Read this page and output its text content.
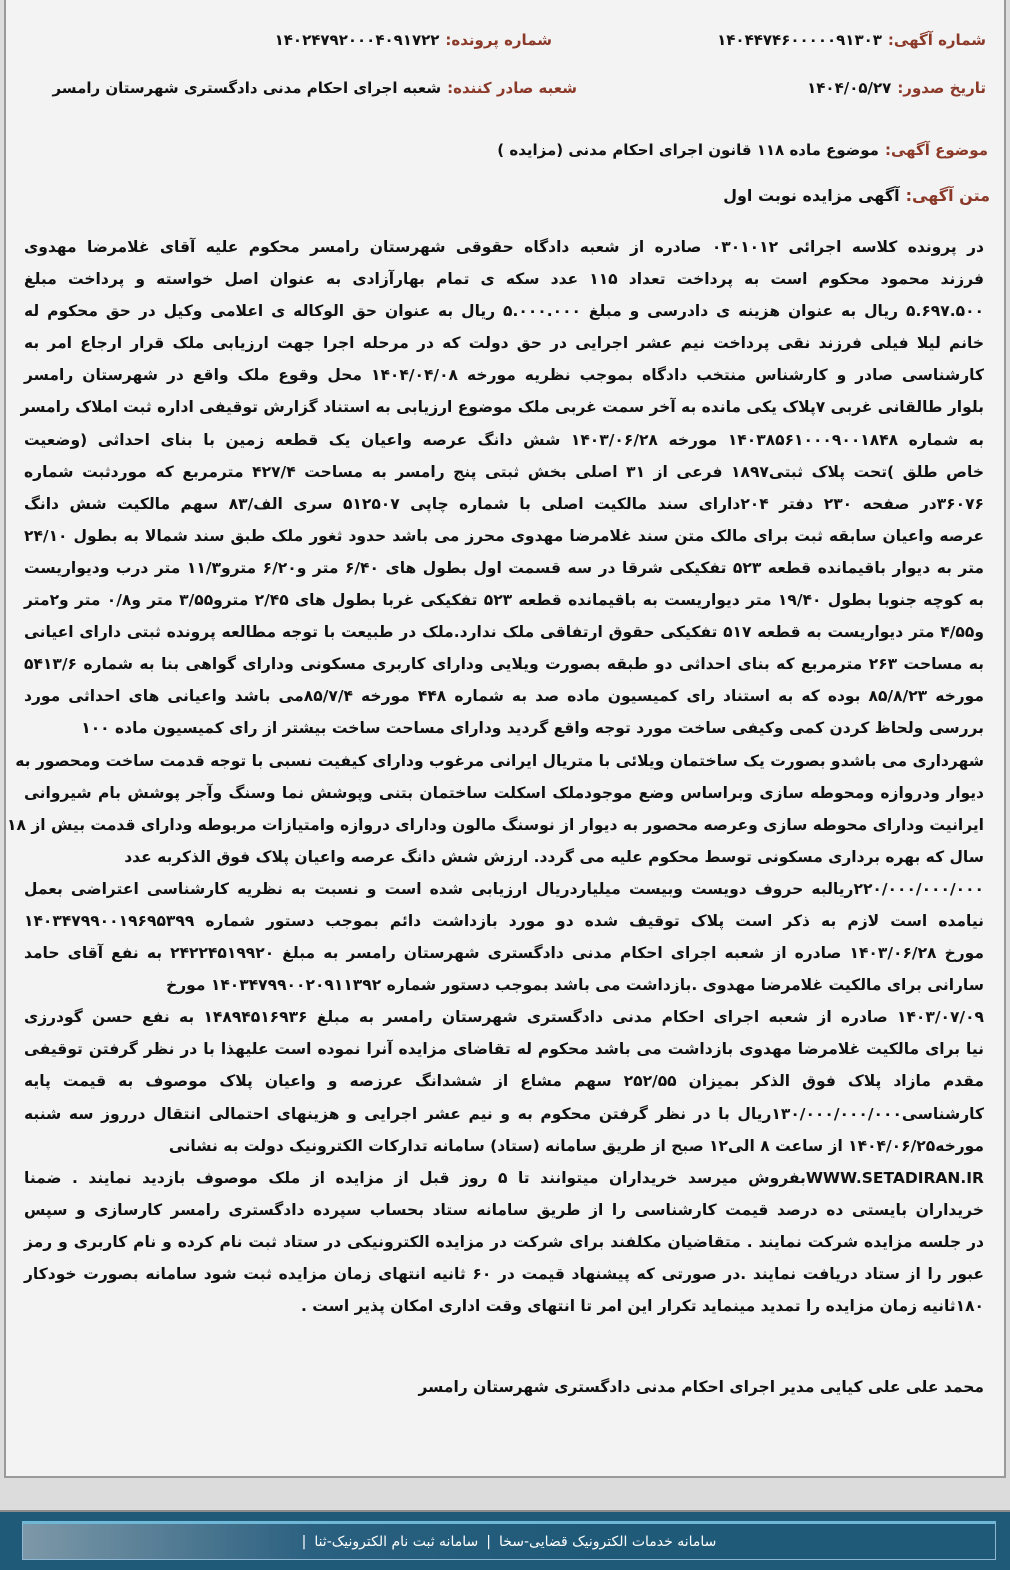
شماره آگهی:۱۴۰۴۴۷۴۶۰۰۰۰۰۹۱۳۰۳
شماره پرونده:۱۴۰۲۴۷۹۲۰۰۰۴۰۹۱۷۲۲
تاریخ صدور:۱۴۰۴/۰۵/۲۷
شعبه صادر کننده:شعبه اجرای احکام مدنی دادگستری شهرستان رامسر
موضوع آگهی:موضوع ماده ۱۱۸ قانون اجرای احکام مدنی (مزایده )
متن آگهی:آگهی مزایده نوبت اول
در پرونده کلاسه اجرائی ۰۳۰۱۰۱۲ صادره از شعبه دادگاه حقوقی شهرستان رامسر محکوم علیه آقای غلامرضا مهدوی
فرزند محمود محکوم است به پرداخت تعداد ۱۱۵ عدد سکه ی تمام بهارآزادی به عنوان اصل خواسته و پرداخت مبلغ
۵.۶۹۷.۵۰۰ ریال به عنوان هزینه ی دادرسی و مبلغ ۵.۰۰۰.۰۰۰ ریال به عنوان حق الوکاله ی اعلامی وکیل در حق محکوم له
خانم لیلا فیلی فرزند نقی پرداخت نیم عشر اجرایی در حق دولت که در مرحله اجرا جهت ارزیابی ملک قرار ارجاع امر به
کارشناسی صادر و کارشناس منتخب دادگاه بموجب نظریه مورخه ۱۴۰۴/۰۴/۰۸ محل وقوع ملک واقع در شهرستان رامسر
بلوار طالقانی غربی ۷پلاک یکی مانده به آخر سمت غربی ملک موضوع ارزیابی به استناد گزارش توقیفی اداره ثبت املاک رامسر
به شماره ۱۴۰۳۸۵۶۱۰۰۰۹۰۰۱۸۴۸ مورخه ۱۴۰۳/۰۶/۲۸ شش دانگ عرصه واعیان یک قطعه زمین با بنای احداثی (وضعیت
خاص طلق )تحت پلاک ثبتی۱۸۹۷ فرعی از ۳۱ اصلی بخش ثبتی پنج رامسر به مساحت ۴۲۷/۴ مترمربع که موردثبت شماره
۳۶۰۷۶در صفحه ۲۳۰ دفتر ۲۰۴دارای سند مالکیت اصلی با شماره چاپی ۵۱۲۵۰۷ سری الف/۸۳ سهم مالکیت شش دانگ
عرصه واعیان سابقه ثبت برای مالک متن سند غلامرضا مهدوی محرز می باشد حدود ثغور ملک طبق سند شمالا به بطول ۲۴/۱۰
متر به دیوار باقیمانده قطعه ۵۲۳ تفکیکی شرقا در سه قسمت اول بطول های ۶/۴۰ متر و۶/۲۰ مترو۱۱/۳ متر درب ودیواریست
به کوچه جنوبا بطول ۱۹/۴۰ متر دیواریست به باقیمانده قطعه ۵۲۳ تفکیکی غربا بطول های ۲/۴۵ مترو۳/۵۵ متر و۰/۸ متر و۲متر
و۴/۵۵ متر دیواریست به قطعه ۵۱۷ تفکیکی حقوق ارتفاقی ملک ندارد.ملک در طبیعت با توجه مطالعه پرونده ثبتی دارای اعیانی
به مساحت ۲۶۳ مترمربع که بنای احداثی دو طبقه بصورت ویلایی ودارای کاربری مسکونی ودارای گواهی بنا به شماره ۵۴۱۳/۶
مورخه ۸۵/۸/۲۳ بوده که به استناد رای کمیسیون ماده صد به شماره ۴۴۸ مورخه ۸۵/۷/۴می باشد واعیانی های احداثی مورد
بررسی ولحاظ کردن کمی وکیفی ساخت مورد توجه واقع گردید ودارای مساحت ساخت بیشتر از رای کمیسیون ماده ۱۰۰
شهرداری می باشدو بصورت یک ساختمان ویلائی با متریال ایرانی مرغوب ودارای کیفیت نسبی با توجه قدمت ساخت ومحصور به
دیوار ودروازه ومحوطه سازی وبراساس وضع موجودملک اسکلت ساختمان بتنی وپوشش نما وسنگ وآجر پوشش بام شیروانی
ایرانیت ودارای محوطه سازی وعرصه محصور به دیوار از نوسنگ مالون ودارای دروازه وامتیازات مربوطه ودارای قدمت بیش از ۱۸
سال که بهره برداری مسکونی توسط محکوم علیه می گردد. ارزش شش دانگ عرصه واعیان پلاک فوق الذکربه عدد
۲۲۰/۰۰۰/۰۰۰/۰۰۰ریالبه حروف دویست وبیست میلیاردریال ارزیابی شده است و نسبت به نظریه کارشناسی اعتراضی بعمل
نیامده است لازم به ذکر است پلاک توقیف شده دو مورد بازداشت دائم بموجب دستور شماره ۱۴۰۳۴۷۹۹۰۰۱۹۶۹۵۳۹۹
مورخ ۱۴۰۳/۰۶/۲۸ صادره از شعبه اجرای احکام مدنی دادگستری شهرستان رامسر به مبلغ ۲۴۲۲۴۵۱۹۹۲۰ به نفع آقای حامد
سارانی برای مالکیت غلامرضا مهدوی .بازداشت می باشد بموجب دستور شماره ۱۴۰۳۴۷۹۹۰۰۲۰۹۱۱۳۹۲ مورخ
۱۴۰۳/۰۷/۰۹ صادره از شعبه اجرای احکام مدنی دادگستری شهرستان رامسر به مبلغ ۱۴۸۹۴۵۱۶۹۳۶ به نفع حسن گودرزی
نیا برای مالکیت غلامرضا مهدوی بازداشت می باشد محکوم له تقاضای مزایده آنرا نموده است علیهذا با در نظر گرفتن توقیفی
مقدم مازاد پلاک فوق الذکر بمیزان ۲۵۲/۵۵ سهم مشاع از ششدانگ عرزصه و واعیان پلاک موصوف به قیمت پایه
کارشناسی۱۳۰/۰۰۰/۰۰۰/۰۰۰ریال با در نظر گرفتن محکوم به و نیم عشر اجرایی و هزینهای احتمالی انتقال درروز سه شنبه
مورخه۱۴۰۴/۰۶/۲۵ از ساعت ۸ الی۱۲ صبح از طریق سامانه (ستاد) سامانه تدارکات الکترونیک دولت به نشانی
WWW.SETADIRAN.IRبفروش میرسد خریداران میتوانند تا ۵ روز قبل از مزایده از ملک موصوف بازدید نمایند . ضمنا
خریداران بایستی ده درصد قیمت کارشناسی را از طریق سامانه ستاد بحساب سپرده دادگستری رامسر کارسازی و سپس
در جلسه مزایده شرکت نمایند . متقاضیان مکلفند برای شرکت در مزایده الکترونیکی در ستاد ثبت نام کرده و نام کاربری و رمز
عبور را از ستاد دریافت نمایند .در صورتی که پیشنهاد قیمت در ۶۰ ثانیه انتهای زمان مزایده ثبت شود سامانه بصورت خودکار
۱۸۰ثانیه زمان مزایده را تمدید مینماید تکرار این امر تا انتهای وقت اداری امکان پذیر است .
محمد علی علی کیایی مدیر اجرای احکام مدنی دادگستری شهرستان رامسر
سامانه خدمات الکترونیک قضایی-سخا
|
سامانه ثبت نام الکترونیک-ثنا
|
